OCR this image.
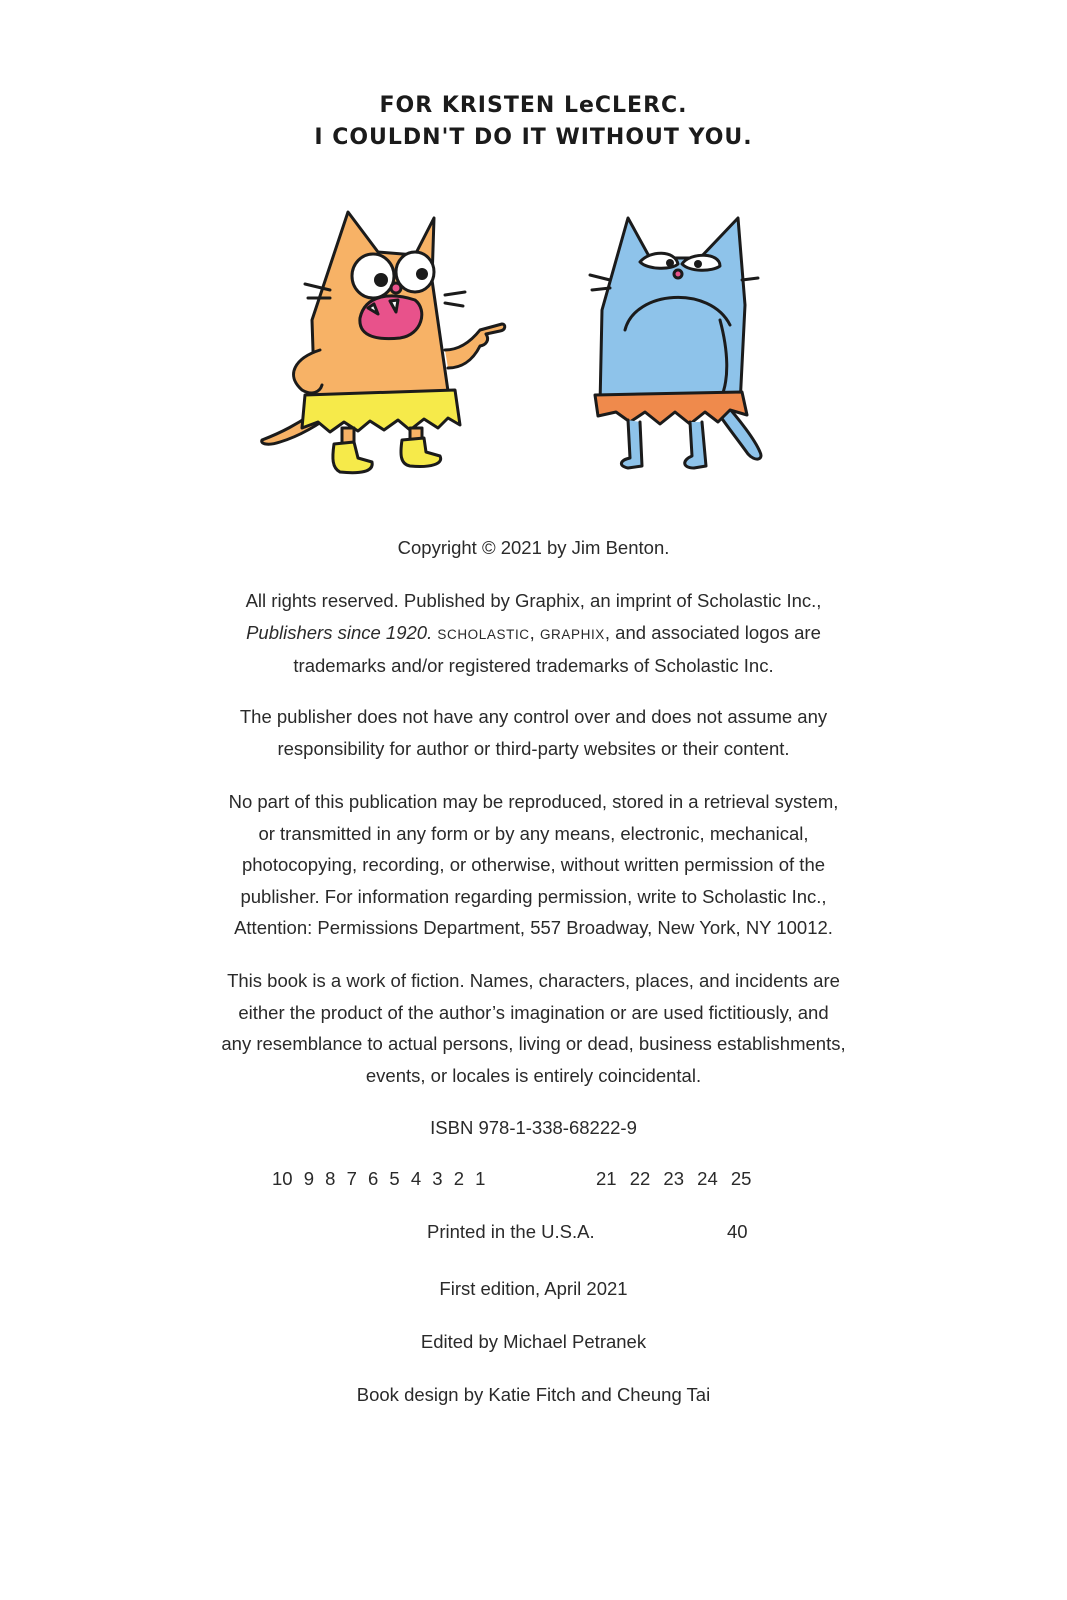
FOR KRISTEN LeCLERC.
I COULDN'T DO IT WITHOUT YOU.
Copyright © 2021 by Jim Benton.
All rights reserved. Published by Graphix, an imprint of Scholastic Inc.,
Publishers since 1920. SCHOLASTIC, GRAPHIX, and associated logos are
trademarks and/or registered trademarks of Scholastic Inc.
The publisher does not have any control over and does not assume any
responsibility for author or third-party websites or their content.
No part of this publication may be reproduced, stored in a retrieval system,
or transmitted in any form or by any means, electronic, mechanical,
photocopying, recording, or otherwise, without written permission of the
publisher. For information regarding permission, write to Scholastic Inc.,
Attention: Permissions Department, 557 Broadway, New York, NY 10012.
This book is a work of fiction. Names, characters, places, and incidents are
either the product of the author’s imagination or are used fictitiously, and
any resemblance to actual persons, living or dead, business establishments,
events, or locales is entirely coincidental.
ISBN 978-1-338-68222-9
10 9 8 7 6 5 4 3 2 1	21 22 23 24 25
Printed in the U.S.A.	40
First edition, April 2021
Edited by Michael Petranek
Book design by Katie Fitch and Cheung Tai
